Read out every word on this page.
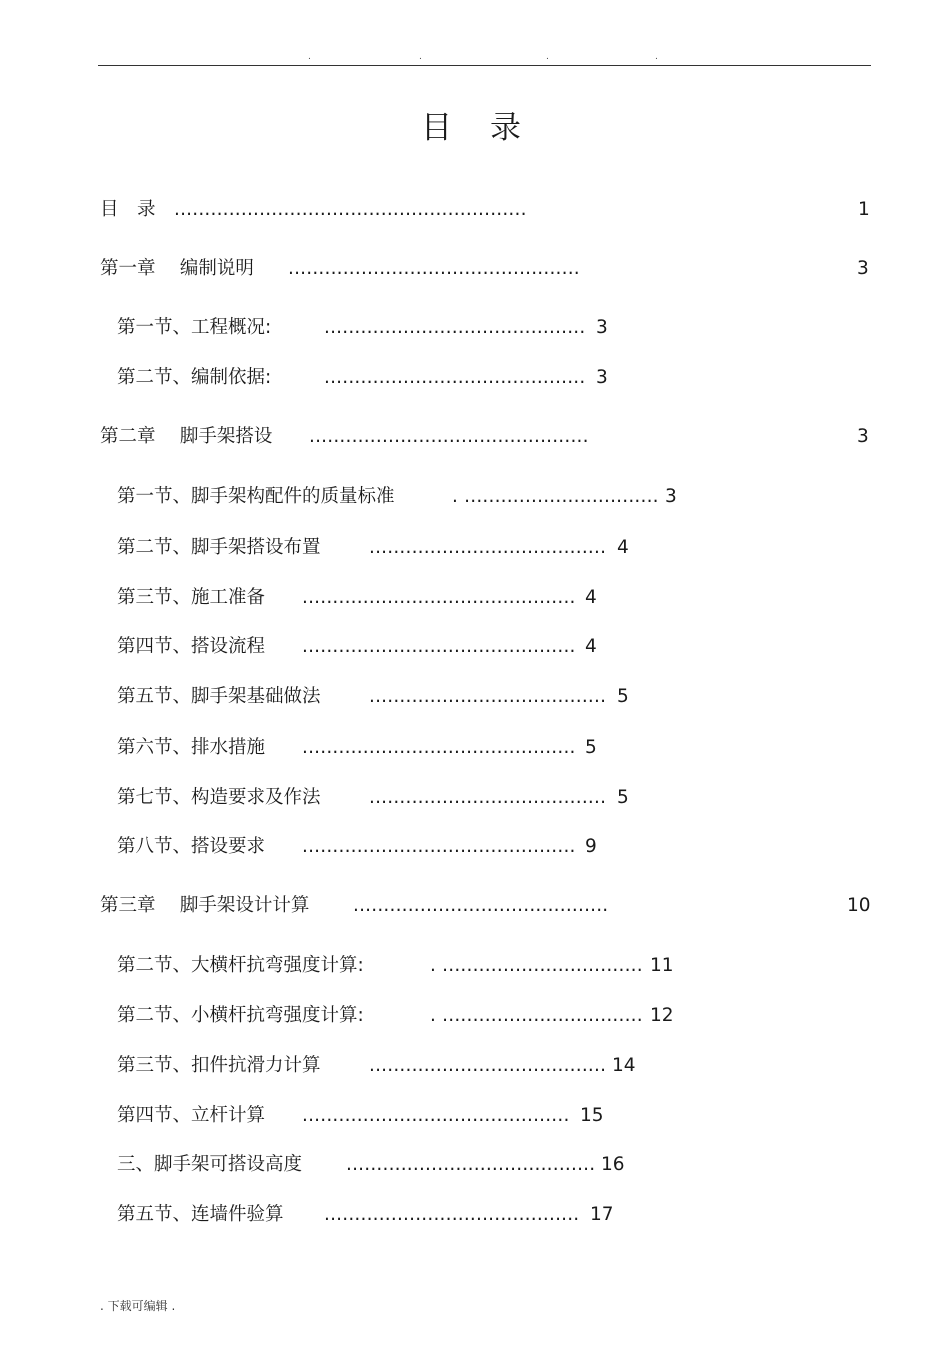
.	.	.	.
目录
目　录 ..........................................................	1
第一章　 编制说明 ................................................	3
第一节、工程概况:	........................................... 3
第二节、编制依据:	........................................... 3
第二章　 脚手架搭设 ..............................................	3
第一节、脚手架构配件的质量标准	. ................................ 3
第二节、脚手架搭设布置	....................................... 4
第三节、施工准备 ............................................. 4
第四节、搭设流程 ............................................. 4
第五节、脚手架基础做法	....................................... 5
第六节、排水措施 ............................................. 5
第七节、构造要求及作法	....................................... 5
第八节、搭设要求 ............................................. 9
第三章　 脚手架设计计算 ..........................................	10
第二节、大横杆抗弯强度计算:	. ................................. 11
第二节、小横杆抗弯强度计算:	. ................................. 12
第三节、扣件抗滑力计算	....................................... 14
第四节、立杆计算 ............................................ 15
三、脚手架可搭设高度 ......................................... 16
第五节、连墙件验算 .......................................... 17
. 下载可编辑 .
